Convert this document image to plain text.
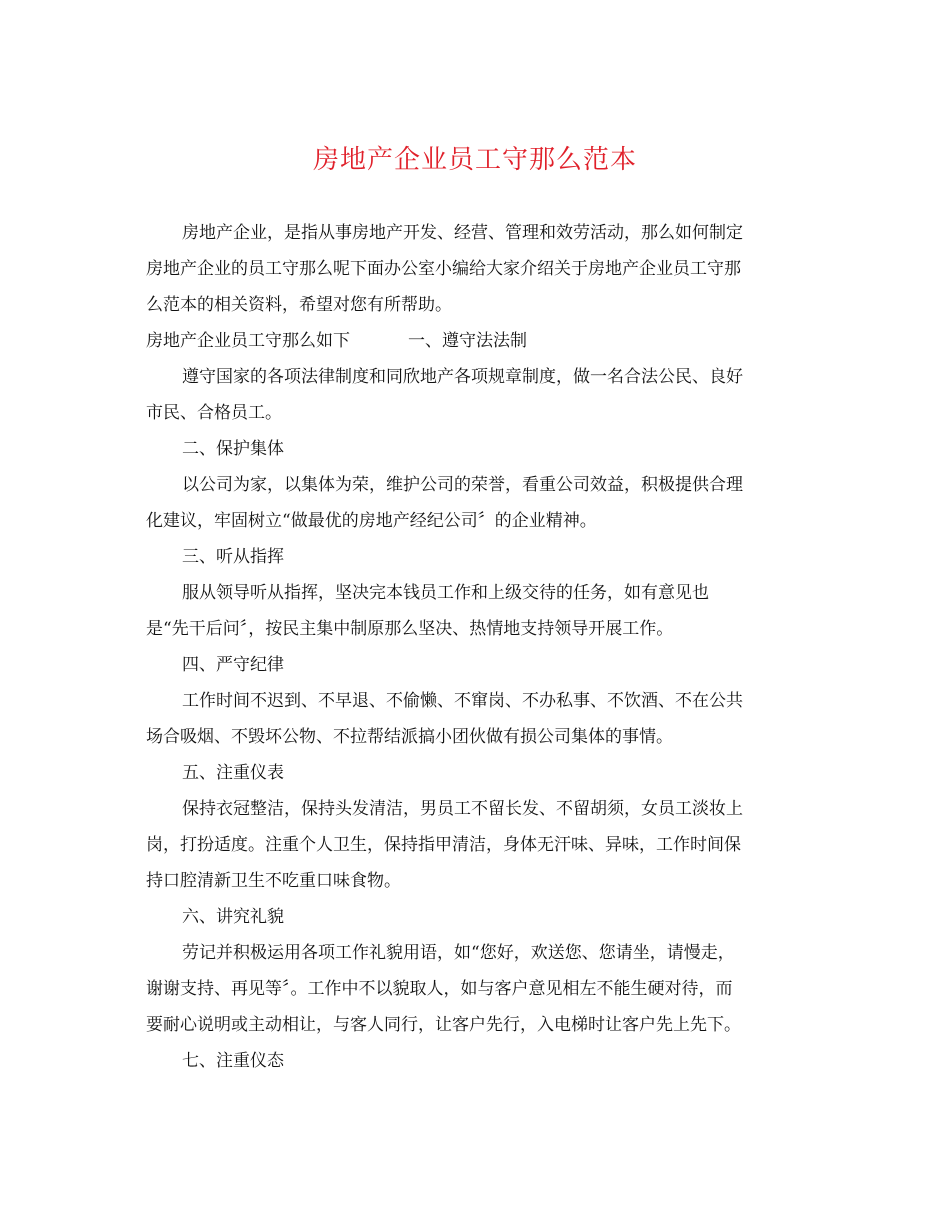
房地产企业员工守那么范本
房地产企业，是指从事房地产开发、经营、管理和效劳活动，那么如何制定
房地产企业的员工守那么呢下面办公室小编给大家介绍关于房地产企业员工守那
么范本的相关资料，希望对您有所帮助。
房地产企业员工守那么如下	一、遵守法法制
遵守国家的各项法律制度和同欣地产各项规章制度，做一名合法公民、良好
市民、合格员工。
二、保护集体
以公司为家，以集体为荣，维护公司的荣誉，看重公司效益，积极提供合理
化建议，牢固树立“做最优的房地产经纪公司〞的企业精神。
三、听从指挥
服从领导听从指挥，坚决完本钱员工作和上级交待的任务，如有意见也
是“先干后问〞，按民主集中制原那么坚决、热情地支持领导开展工作。
四、严守纪律
工作时间不迟到、不早退、不偷懒、不窜岗、不办私事、不饮酒、不在公共
场合吸烟、不毁坏公物、不拉帮结派搞小团伙做有损公司集体的事情。
五、注重仪表
保持衣冠整洁，保持头发清洁，男员工不留长发、不留胡须，女员工淡妆上
岗，打扮适度。注重个人卫生，保持指甲清洁，身体无汗味、异味，工作时间保
持口腔清新卫生不吃重口味食物。
六、讲究礼貌
劳记并积极运用各项工作礼貌用语，如“您好，欢送您、您请坐，请慢走，
谢谢支持、再见等〞。工作中不以貌取人，如与客户意见相左不能生硬对待，而
要耐心说明或主动相让，与客人同行，让客户先行，入电梯时让客户先上先下。
七、注重仪态
